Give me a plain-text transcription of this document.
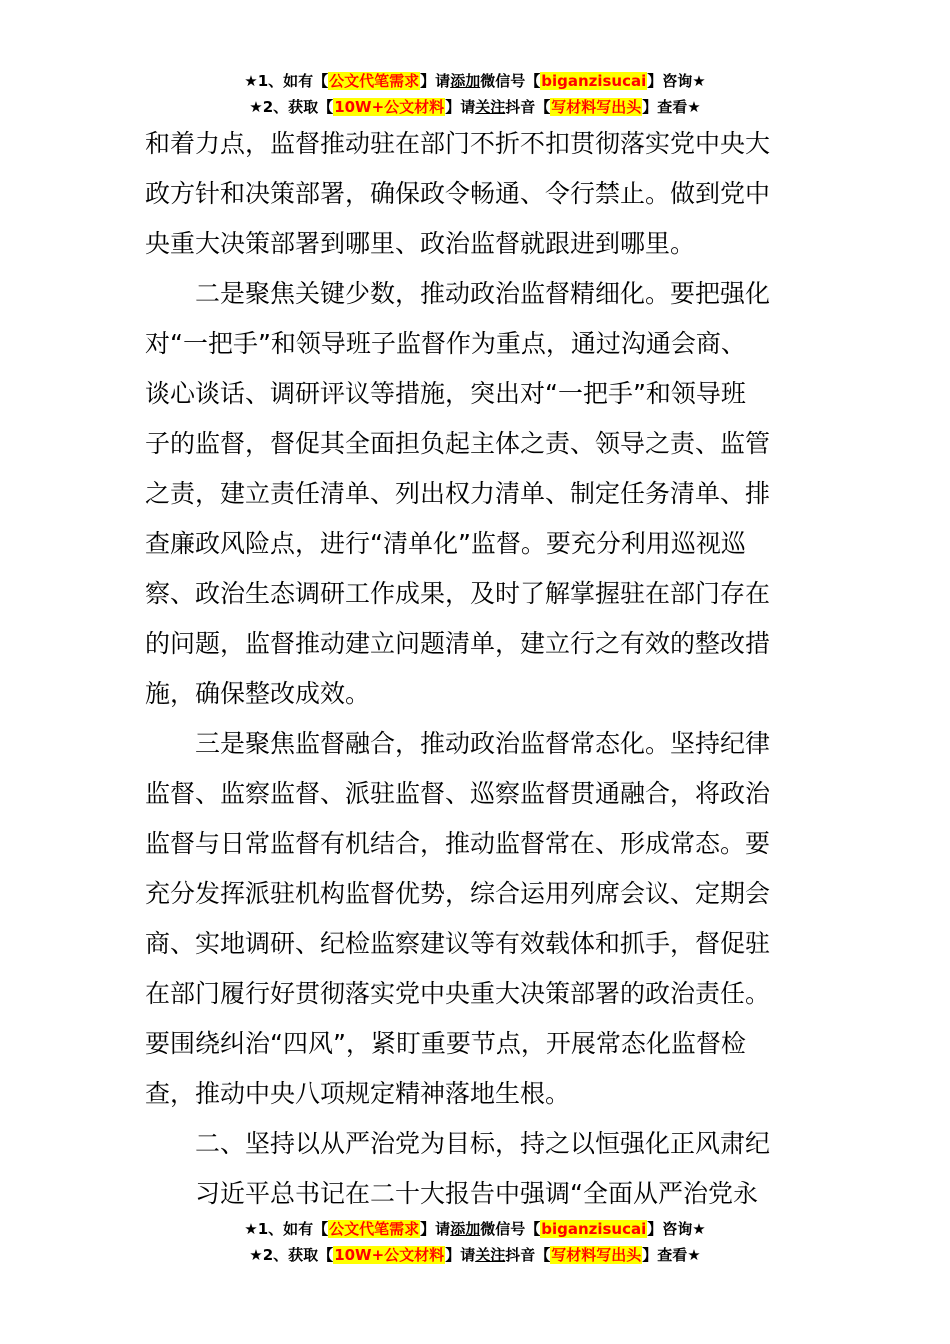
★1、如有【公文代笔需求】请添加微信号【biganzisucai】咨询★
★2、获取【10W+公文材料】请关注抖音【写材料写出头】查看★

和着力点，监督推动驻在部门不折不扣贯彻落实党中央大
政方针和决策部署，确保政令畅通、令行禁止。做到党中
央重大决策部署到哪里、政治监督就跟进到哪里。

二是聚焦关键少数，推动政治监督精细化。要把强化
对“一把手”和领导班子监督作为重点，通过沟通会商、
谈心谈话、调研评议等措施，突出对“一把手”和领导班
子的监督，督促其全面担负起主体之责、领导之责、监管
之责，建立责任清单、列出权力清单、制定任务清单、排
查廉政风险点，进行“清单化”监督。要充分利用巡视巡
察、政治生态调研工作成果，及时了解掌握驻在部门存在
的问题，监督推动建立问题清单，建立行之有效的整改措
施，确保整改成效。

三是聚焦监督融合，推动政治监督常态化。坚持纪律
监督、监察监督、派驻监督、巡察监督贯通融合，将政治
监督与日常监督有机结合，推动监督常在、形成常态。要
充分发挥派驻机构监督优势，综合运用列席会议、定期会
商、实地调研、纪检监察建议等有效载体和抓手，督促驻
在部门履行好贯彻落实党中央重大决策部署的政治责任。
要围绕纠治“四风”，紧盯重要节点，开展常态化监督检
查，推动中央八项规定精神落地生根。

二、坚持以从严治党为目标，持之以恒强化正风肃纪

习近平总书记在二十大报告中强调“全面从严治党永

★1、如有【公文代笔需求】请添加微信号【biganzisucai】咨询★
★2、获取【10W+公文材料】请关注抖音【写材料写出头】查看★
